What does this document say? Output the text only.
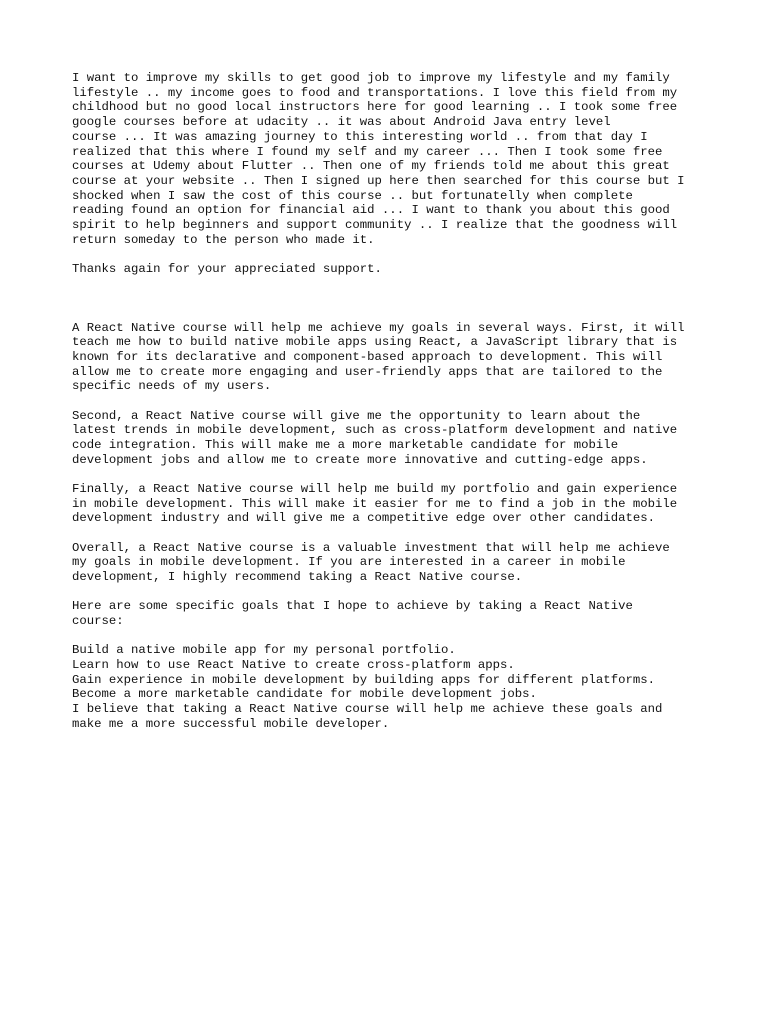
I want to improve my skills to get good job to improve my lifestyle and my family
lifestyle .. my income goes to food and transportations. I love this field from my
childhood but no good local instructors here for good learning .. I took some free
google courses before at udacity .. it was about Android Java entry level
course ... It was amazing journey to this interesting world .. from that day I
realized that this where I found my self and my career ... Then I took some free
courses at Udemy about Flutter .. Then one of my friends told me about this great
course at your website .. Then I signed up here then searched for this course but I
shocked when I saw the cost of this course .. but fortunatelly when complete
reading found an option for financial aid ... I want to thank you about this good
spirit to help beginners and support community .. I realize that the goodness will
return someday to the person who made it.

Thanks again for your appreciated support.

A React Native course will help me achieve my goals in several ways. First, it will
teach me how to build native mobile apps using React, a JavaScript library that is
known for its declarative and component-based approach to development. This will
allow me to create more engaging and user-friendly apps that are tailored to the
specific needs of my users.

Second, a React Native course will give me the opportunity to learn about the
latest trends in mobile development, such as cross-platform development and native
code integration. This will make me a more marketable candidate for mobile
development jobs and allow me to create more innovative and cutting-edge apps.

Finally, a React Native course will help me build my portfolio and gain experience
in mobile development. This will make it easier for me to find a job in the mobile
development industry and will give me a competitive edge over other candidates.

Overall, a React Native course is a valuable investment that will help me achieve
my goals in mobile development. If you are interested in a career in mobile
development, I highly recommend taking a React Native course.

Here are some specific goals that I hope to achieve by taking a React Native
course:

Build a native mobile app for my personal portfolio.
Learn how to use React Native to create cross-platform apps.
Gain experience in mobile development by building apps for different platforms.
Become a more marketable candidate for mobile development jobs.
I believe that taking a React Native course will help me achieve these goals and
make me a more successful mobile developer.
